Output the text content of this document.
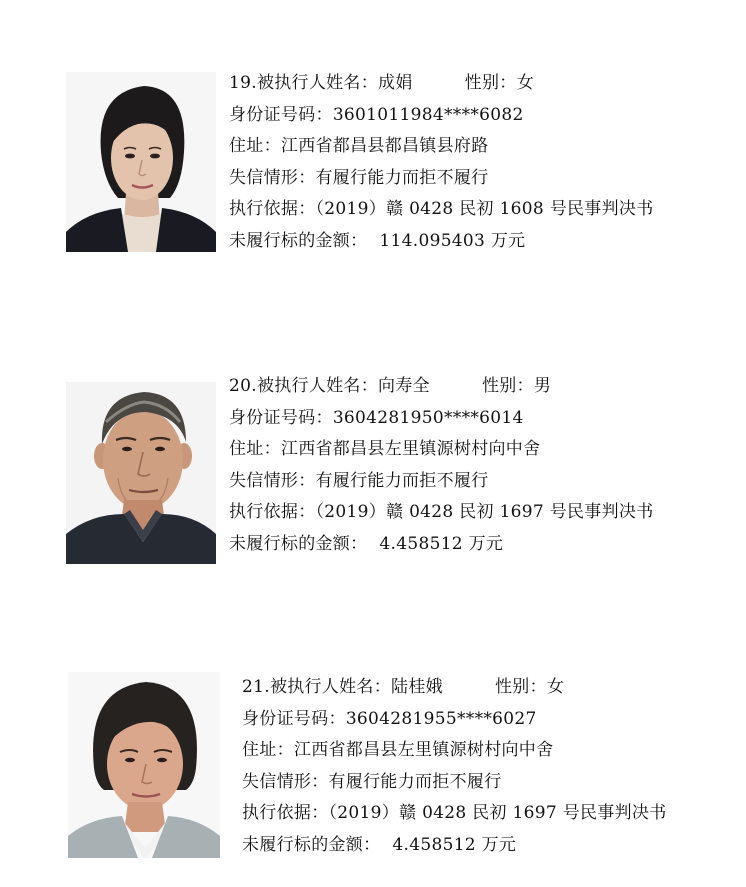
19.被执行人姓名：成娟	性别：女
身份证号码：3601011984****6082
住址：江西省都昌县都昌镇县府路
失信情形：有履行能力而拒不履行
执行依据：（2019）赣 0428 民初 1608 号民事判决书
未履行标的金额： 114.095403 万元
20.被执行人姓名：向寿全	性别：男
身份证号码：3604281950****6014
住址：江西省都昌县左里镇源树村向中舍
失信情形：有履行能力而拒不履行
执行依据：（2019）赣 0428 民初 1697 号民事判决书
未履行标的金额： 4.458512 万元
21.被执行人姓名：陆桂娥	性别：女
身份证号码：3604281955****6027
住址：江西省都昌县左里镇源树村向中舍
失信情形：有履行能力而拒不履行
执行依据：（2019）赣 0428 民初 1697 号民事判决书
未履行标的金额： 4.458512 万元
